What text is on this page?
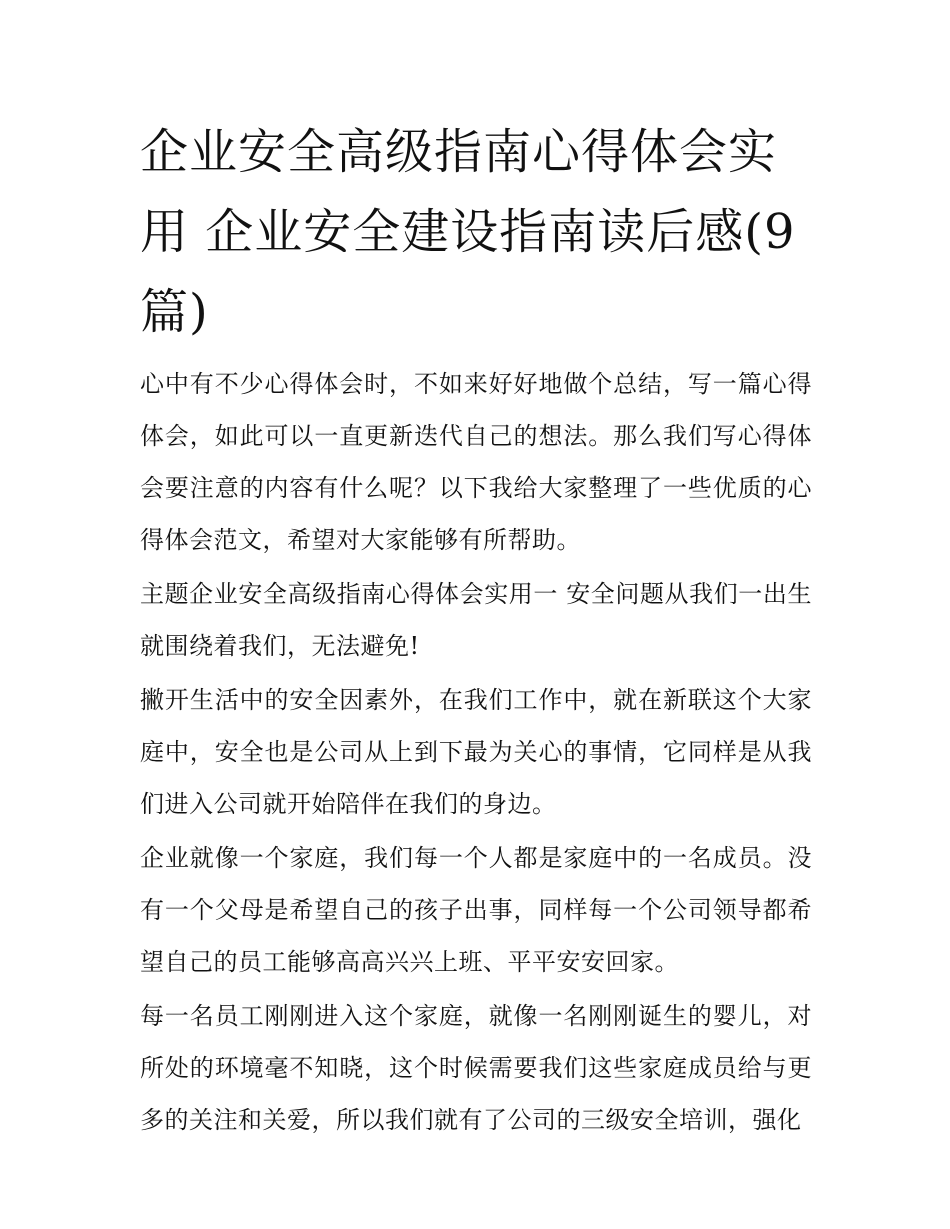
企业安全高级指南心得体会实用 企业安全建设指南读后感(9篇)

心中有不少心得体会时，不如来好好地做个总结，写一篇心得体会，如此可以一直更新迭代自己的想法。那么我们写心得体会要注意的内容有什么呢？以下我给大家整理了一些优质的心得体会范文，希望对大家能够有所帮助。

主题企业安全高级指南心得体会实用一 安全问题从我们一出生就围绕着我们，无法避免!

撇开生活中的安全因素外，在我们工作中，就在新联这个大家庭中，安全也是公司从上到下最为关心的事情，它同样是从我们进入公司就开始陪伴在我们的身边。

企业就像一个家庭，我们每一个人都是家庭中的一名成员。没有一个父母是希望自己的孩子出事，同样每一个公司领导都希望自己的员工能够高高兴兴上班、平平安安回家。

每一名员工刚刚进入这个家庭，就像一名刚刚诞生的婴儿，对所处的环境毫不知晓，这个时候需要我们这些家庭成员给与更多的关注和关爱，所以我们就有了公司的三级安全培训，强化
